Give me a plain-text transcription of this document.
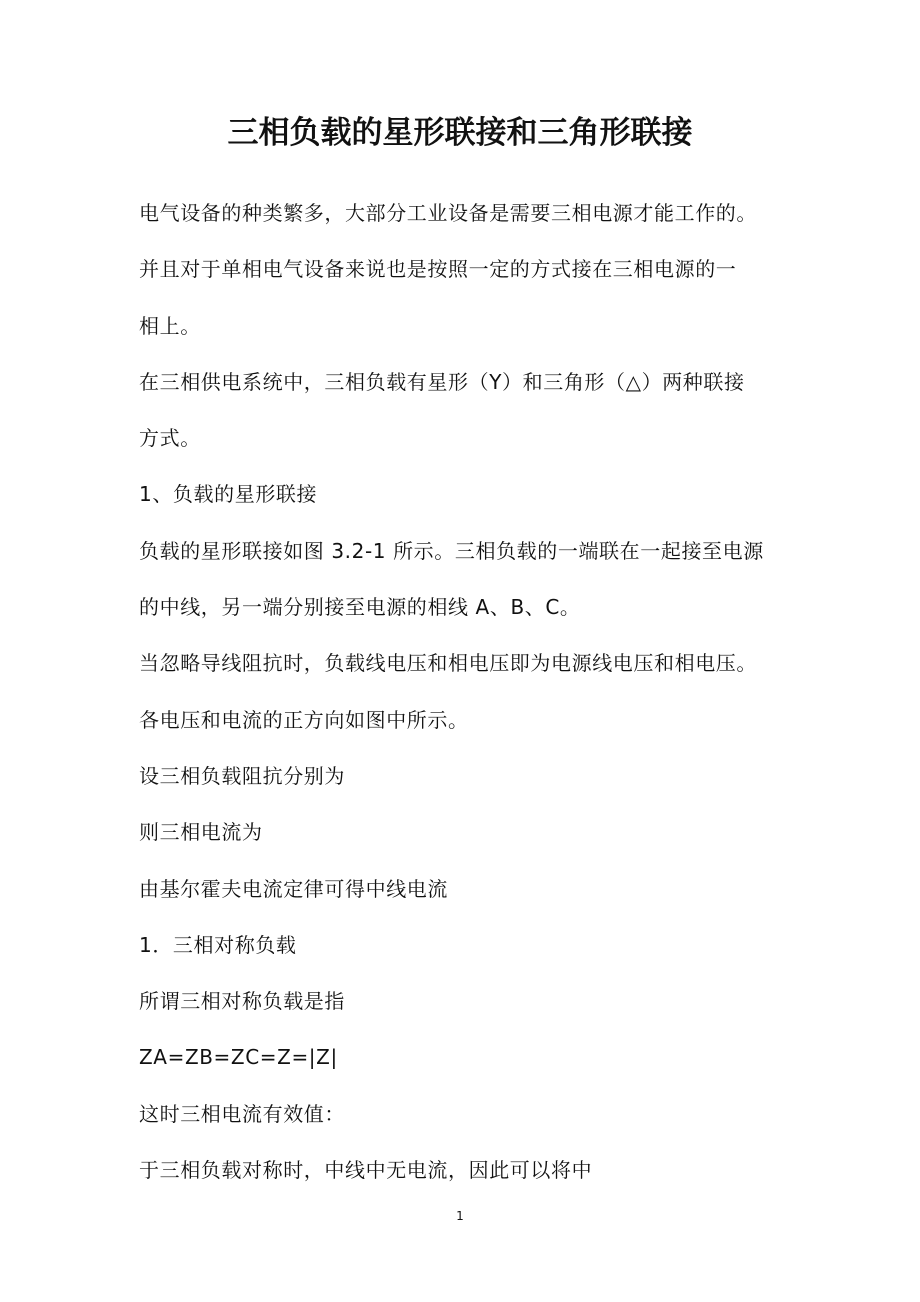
三相负载的星形联接和三角形联接
电气设备的种类繁多，大部分工业设备是需要三相电源才能工作的。
并且对于单相电气设备来说也是按照一定的方式接在三相电源的一
相上。
在三相供电系统中，三相负载有星形（Y）和三角形（△）两种联接
方式。
1、负载的星形联接
负载的星形联接如图 3.2-1 所示。三相负载的一端联在一起接至电源
的中线，另一端分别接至电源的相线 A、B、C。
当忽略导线阻抗时，负载线电压和相电压即为电源线电压和相电压。
各电压和电流的正方向如图中所示。
设三相负载阻抗分别为
则三相电流为
由基尔霍夫电流定律可得中线电流
1．三相对称负载
所谓三相对称负载是指
ZA=ZB=ZC=Z=|Z|
这时三相电流有效值：
于三相负载对称时，中线中无电流，因此可以将中
1
